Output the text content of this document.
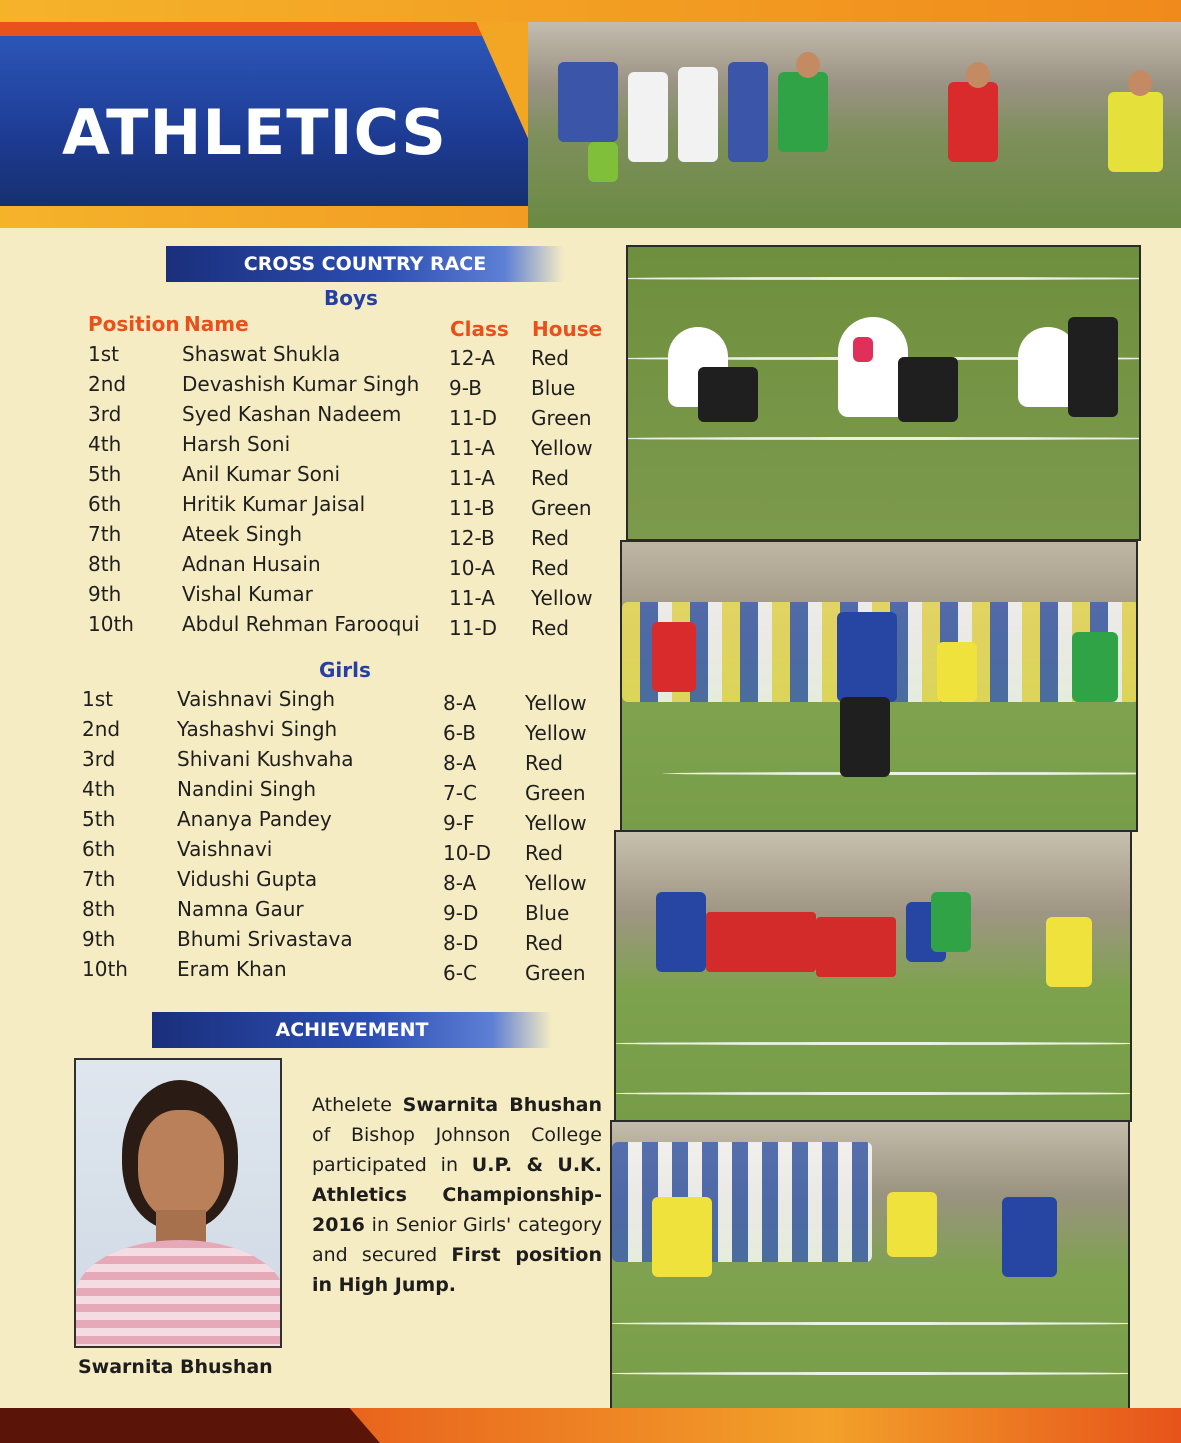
ATHLETICS
CROSS COUNTRY RACE
Boys
Position Name	Class House
1st	Shaswat Shukla	12-A Red
2nd	Devashish Kumar Singh 9-B Blue
3rd	Syed Kashan Nadeem 11-D Green
4th	Harsh Soni	11-A Yellow
5th	Anil Kumar Soni	11-A Red
6th	Hritik Kumar Jaisal	11-B Green
7th	Ateek Singh	12-B Red
8th	Adnan Husain	10-A Red
9th	Vishal Kumar	11-A Yellow
10th Abdul Rehman Farooqui 11-D Red
Girls
1st	Vaishnavi Singh	8-A Yellow
2nd	Yashashvi Singh	6-B Yellow
3rd	Shivani Kushvaha	8-A Red
4th	Nandini Singh	7-C Green
5th	Ananya Pandey	9-F	Yellow
6th	Vaishnavi	10-D Red
7th	Vidushi Gupta	8-A Yellow
8th	Namna Gaur	9-D Blue
9th	Bhumi Srivastava	8-D Red
10th Eram Khan	6-C Green
ACHIEVEMENT
Athelete Swarnita Bhushan of Bishop Johnson College participated in U.P. & U.K. Athletics Championship-2016 in Senior Girls' category and secured First position in High Jump.
Swarnita Bhushan
